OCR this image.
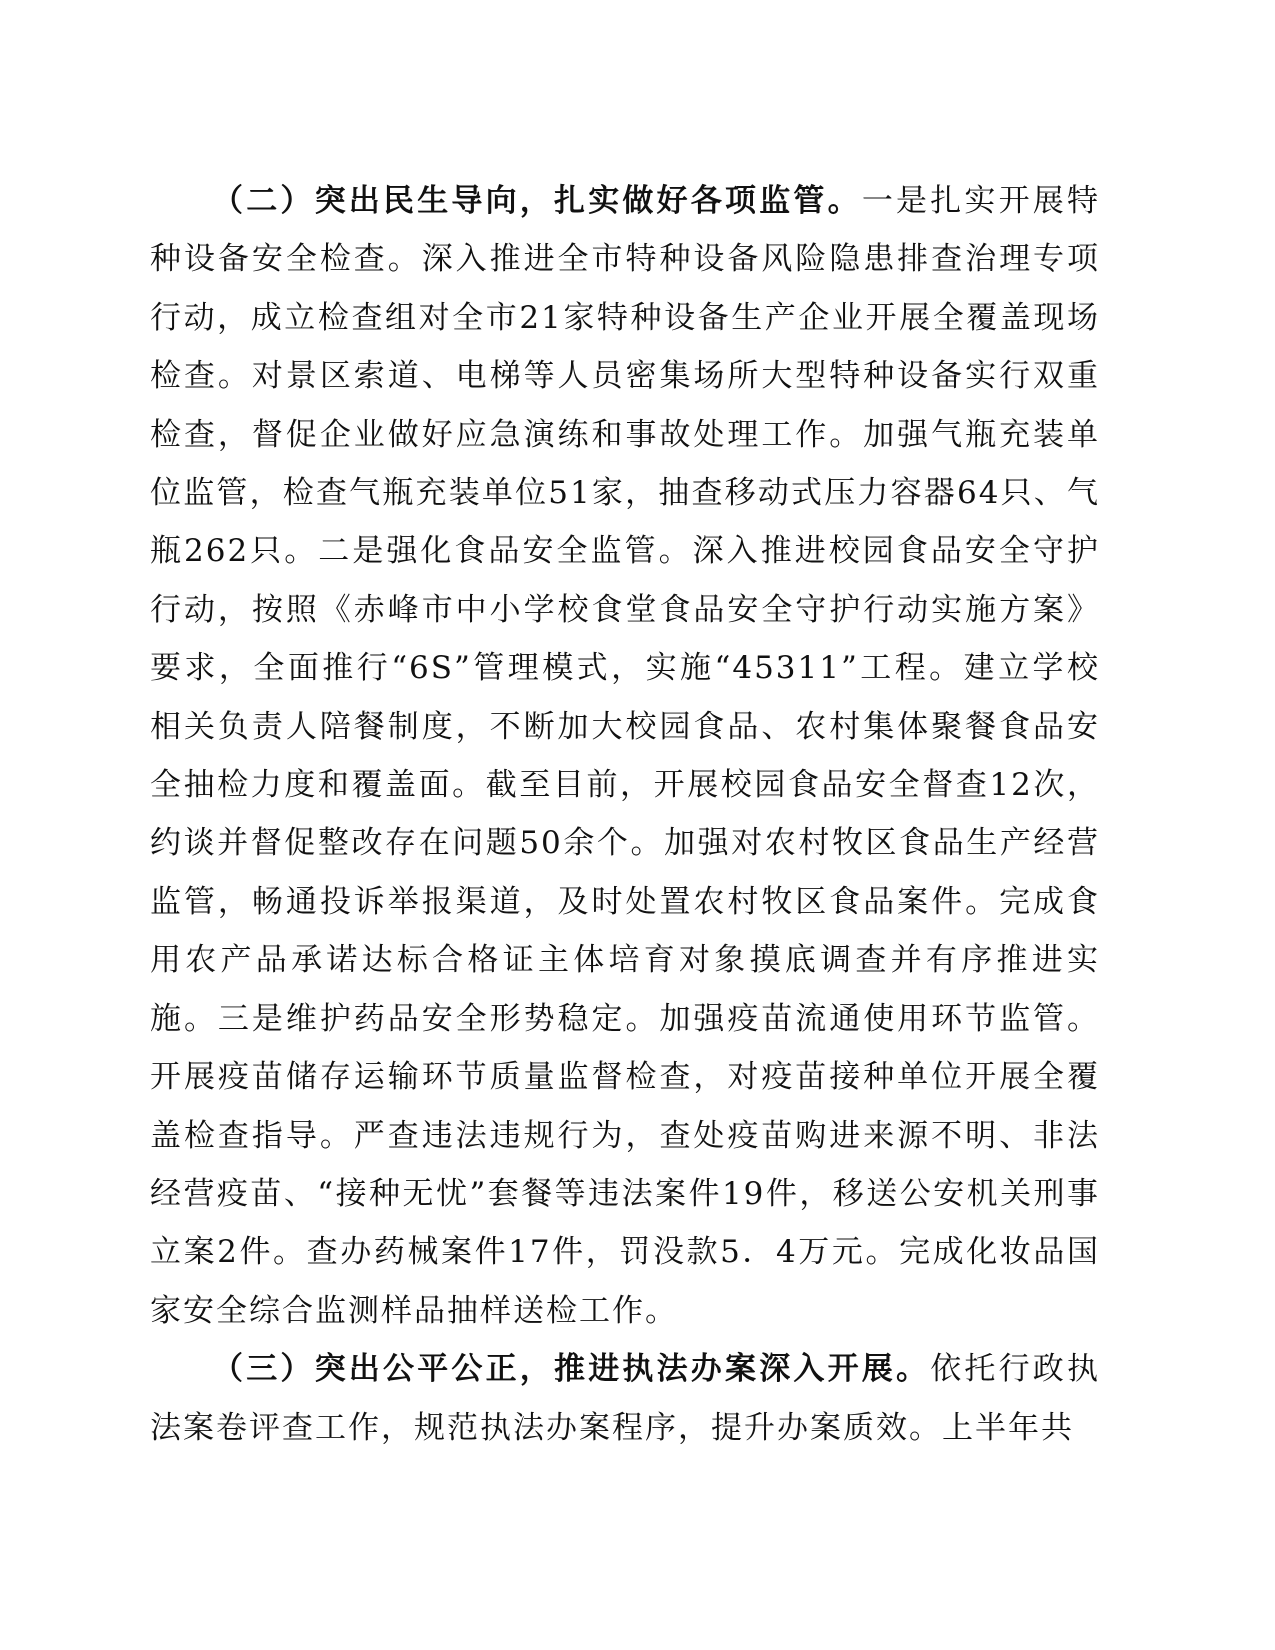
（二）突出民生导向，扎实做好各项监管。一是扎实开展特种设备安全检查。深入推进全市特种设备风险隐患排查治理专项行动，成立检查组对全市21家特种设备生产企业开展全覆盖现场检查。对景区索道、电梯等人员密集场所大型特种设备实行双重检查，督促企业做好应急演练和事故处理工作。加强气瓶充装单位监管，检查气瓶充装单位51家，抽查移动式压力容器64只、气瓶262只。二是强化食品安全监管。深入推进校园食品安全守护行动，按照《赤峰市中小学校食堂食品安全守护行动实施方案》要求，全面推行“6S”管理模式，实施“45311”工程。建立学校相关负责人陪餐制度，不断加大校园食品、农村集体聚餐食品安全抽检力度和覆盖面。截至目前，开展校园食品安全督查12次，约谈并督促整改存在问题50余个。加强对农村牧区食品生产经营监管，畅通投诉举报渠道，及时处置农村牧区食品案件。完成食用农产品承诺达标合格证主体培育对象摸底调查并有序推进实施。三是维护药品安全形势稳定。加强疫苗流通使用环节监管。开展疫苗储存运输环节质量监督检查，对疫苗接种单位开展全覆盖检查指导。严查违法违规行为，查处疫苗购进来源不明、非法经营疫苗、“接种无忧”套餐等违法案件19件，移送公安机关刑事立案2件。查办药械案件17件，罚没款5．4万元。完成化妆品国家安全综合监测样品抽样送检工作。

（三）突出公平公正，推进执法办案深入开展。依托行政执法案卷评查工作，规范执法办案程序，提升办案质效。上半年共
